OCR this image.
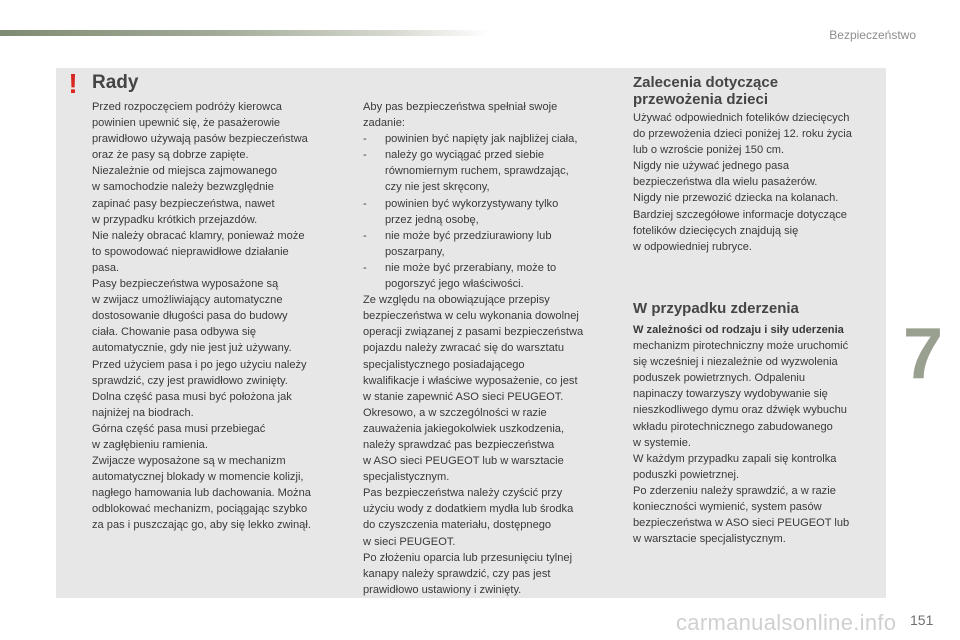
Bezpieczeństwo
! Rady
Przed rozpoczęciem podróży kierowca
powinien upewnić się, że pasażerowie
prawidłowo używają pasów bezpieczeństwa
oraz że pasy są dobrze zapięte.
Niezależnie od miejsca zajmowanego
w samochodzie należy bezwzględnie
zapinać pasy bezpieczeństwa, nawet
w przypadku krótkich przejazdów.
Nie należy obracać klamry, ponieważ może
to spowodować nieprawidłowe działanie
pasa.
Pasy bezpieczeństwa wyposażone są
w zwijacz umożliwiający automatyczne
dostosowanie długości pasa do budowy
ciała. Chowanie pasa odbywa się
automatycznie, gdy nie jest już używany.
Przed użyciem pasa i po jego użyciu należy
sprawdzić, czy jest prawidłowo zwinięty.
Dolna część pasa musi być położona jak
najniżej na biodrach.
Górna część pasa musi przebiegać
w zagłębieniu ramienia.
Zwijacze wyposażone są w mechanizm
automatycznej blokady w momencie kolizji,
nagłego hamowania lub dachowania. Można
odblokować mechanizm, pociągając szybko
za pas i puszczając go, aby się lekko zwinął.
Aby pas bezpieczeństwa spełniał swoje
zadanie:
-	powinien być napięty jak najbliżej ciała,
-	należy go wyciągać przed siebie
równomiernym ruchem, sprawdzając,
czy nie jest skręcony,
-	powinien być wykorzystywany tylko
przez jedną osobę,
-	nie może być przedziurawiony lub
poszarpany,
-	nie może być przerabiany, może to
pogorszyć jego właściwości.
Ze względu na obowiązujące przepisy
bezpieczeństwa w celu wykonania dowolnej
operacji związanej z pasami bezpieczeństwa
pojazdu należy zwracać się do warsztatu
specjalistycznego posiadającego
kwalifikacje i właściwe wyposażenie, co jest
w stanie zapewnić ASO sieci PEUGEOT.
Okresowo, a w szczególności w razie
zauważenia jakiegokolwiek uszkodzenia,
należy sprawdzać pas bezpieczeństwa
w ASO sieci PEUGEOT lub w warsztacie
specjalistycznym.
Pas bezpieczeństwa należy czyścić przy
użyciu wody z dodatkiem mydła lub środka
do czyszczenia materiału, dostępnego
w sieci PEUGEOT.
Po złożeniu oparcia lub przesunięciu tylnej
kanapy należy sprawdzić, czy pas jest
prawidłowo ustawiony i zwinięty.
Zalecenia dotyczące
przewożenia dzieci
Używać odpowiednich fotelików dziecięcych
do przewożenia dzieci poniżej 12. roku życia
lub o wzroście poniżej 150 cm.
Nigdy nie używać jednego pasa
bezpieczeństwa dla wielu pasażerów.
Nigdy nie przewozić dziecka na kolanach.
Bardziej szczegółowe informacje dotyczące
fotelików dziecięcych znajdują się
w odpowiedniej rubryce.
W przypadku zderzenia
W zależności od rodzaju i siły uderzenia
mechanizm pirotechniczny może uruchomić
się wcześniej i niezależnie od wyzwolenia
poduszek powietrznych. Odpaleniu
napinaczy towarzyszy wydobywanie się
nieszkodliwego dymu oraz dźwięk wybuchu
wkładu pirotechnicznego zabudowanego
w systemie.
W każdym przypadku zapali się kontrolka
poduszki powietrznej.
Po zderzeniu należy sprawdzić, a w razie
konieczności wymienić, system pasów
bezpieczeństwa w ASO sieci PEUGEOT lub
w warsztacie specjalistycznym.
7
151
carmanualsonline.info
